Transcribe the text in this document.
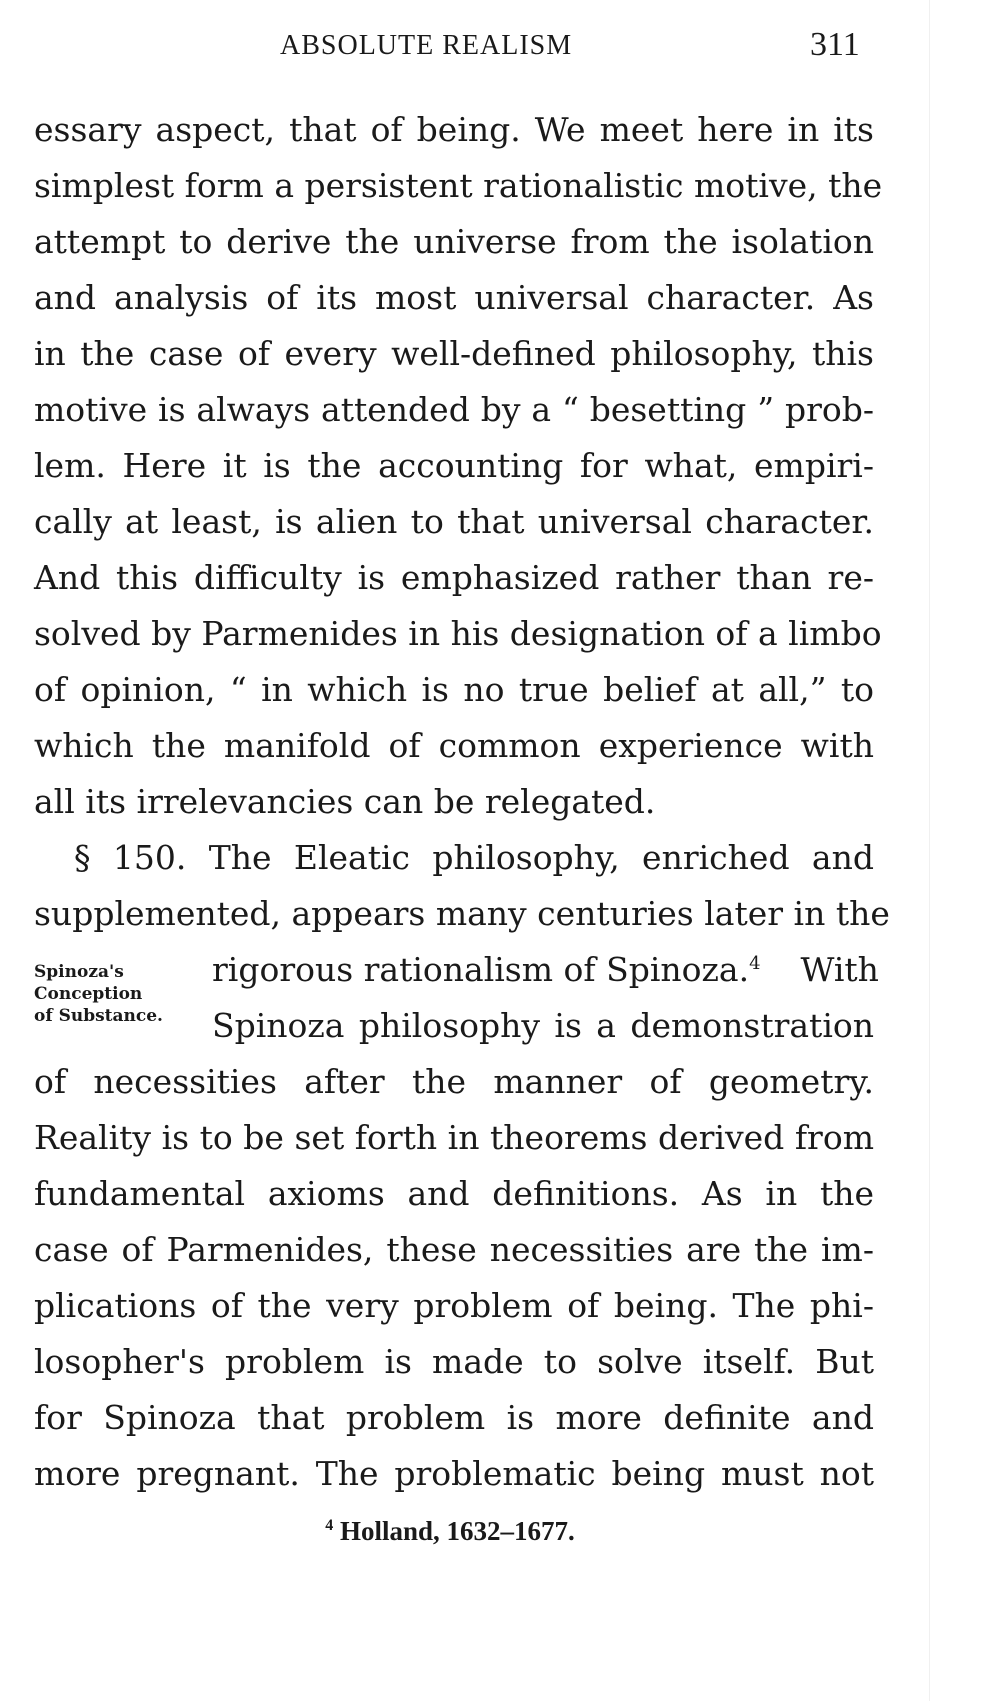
ABSOLUTE REALISM	311
essary aspect, that of being. We meet here in its
simplest form a persistent rationalistic motive, the
attempt to derive the universe from the isolation
and analysis of its most universal character. As
in the case of every well-defined philosophy, this
motive is always attended by a “ besetting ” prob-
lem. Here it is the accounting for what, empiri-
cally at least, is alien to that universal character.
And this difficulty is emphasized rather than re-
solved by Parmenides in his designation of a limbo
of opinion, “ in which is no true belief at all,” to
which the manifold of common experience with
all its irrelevancies can be relegated.
§ 150. The Eleatic philosophy, enriched and
supplemented, appears many centuries later in the
rigorous rationalism of Spinoza.$^4$ With
Spinoza philosophy is a demonstration
Spinoza's
Conception
of Substance.
of necessities after the manner of geometry.
Reality is to be set forth in theorems derived from
fundamental axioms and definitions. As in the
case of Parmenides, these necessities are the im-
plications of the very problem of being. The phi-
losopher's problem is made to solve itself. But
for Spinoza that problem is more definite and
more pregnant. The problematic being must not
$^4$ Holland, 1632–1677.
